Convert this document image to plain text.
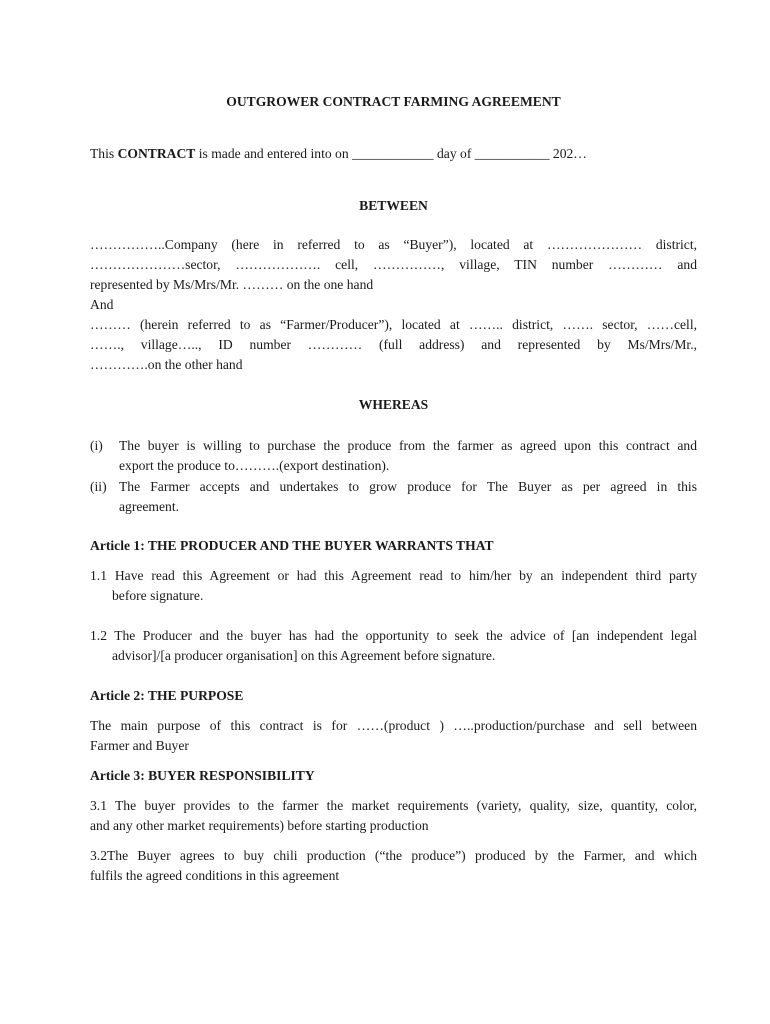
OUTGROWER CONTRACT FARMING AGREEMENT
This CONTRACT is made and entered into on ____________ day of ___________ 202…
BETWEEN
……………..Company (here in referred to as “Buyer”), located at ………………… district,
…………………sector, ………………. cell, ……………, village, TIN number ………… and
represented by Ms/Mrs/Mr. ……… on the one hand
And
……… (herein referred to as “Farmer/Producer”), located at …….. district, ……. sector, ……cell,
……., village….., ID number ………… (full address) and represented by Ms/Mrs/Mr.,
………….on the other hand
WHEREAS
(i) The buyer is willing to purchase the produce from the farmer as agreed upon this contract and
export the produce to……….(export destination).
(ii) The Farmer accepts and undertakes to grow produce for The Buyer as per agreed in this
agreement.
Article 1: THE PRODUCER AND THE BUYER WARRANTS THAT
1.1 Have read this Agreement or had this Agreement read to him/her by an independent third party
before signature.
1.2 The Producer and the buyer has had the opportunity to seek the advice of [an independent legal
advisor]/[a producer organisation] on this Agreement before signature.
Article 2: THE PURPOSE
The main purpose of this contract is for ……(product ) …..production/purchase and sell between
Farmer and Buyer
Article 3: BUYER RESPONSIBILITY
3.1 The buyer provides to the farmer the market requirements (variety, quality, size, quantity, color,
and any other market requirements) before starting production
3.2The Buyer agrees to buy chili production (“the produce”) produced by the Farmer, and which
fulfils the agreed conditions in this agreement
